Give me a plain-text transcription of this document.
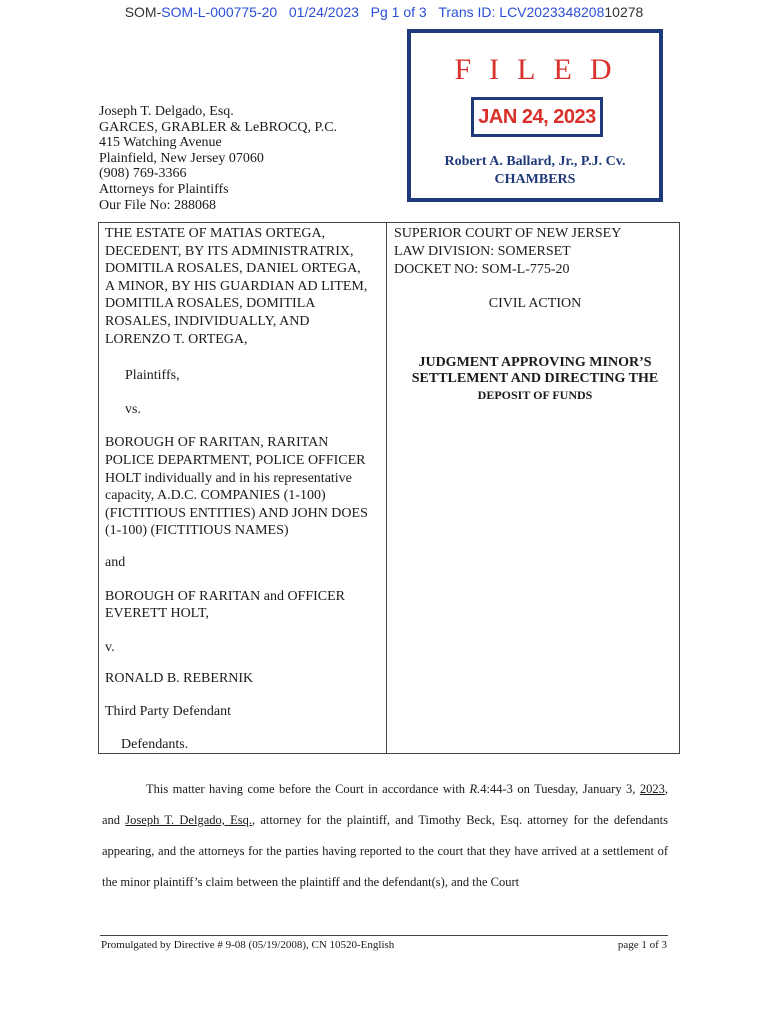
SOM-SOM-L-000775-20 01/24/2023 Pg 1 of 3 Trans ID: LCV202334820810278
FILED
JAN 24, 2023
Robert A. Ballard, Jr., P.J. Cv.
CHAMBERS
Joseph T. Delgado, Esq.
GARCES, GRABLER & LeBROCQ, P.C.
415 Watching Avenue
Plainfield, New Jersey 07060
(908) 769-3366
Attorneys for Plaintiffs
Our File No: 288068
THE ESTATE OF MATIAS ORTEGA,
DECEDENT, BY ITS ADMINISTRATRIX,
DOMITILA ROSALES, DANIEL ORTEGA,
A MINOR, BY HIS GUARDIAN AD LITEM,
DOMITILA ROSALES, DOMITILA
ROSALES, INDIVIDUALLY, AND
LORENZO T. ORTEGA,
Plaintiffs,
vs.
BOROUGH OF RARITAN, RARITAN
POLICE DEPARTMENT, POLICE OFFICER
HOLT individually and in his representative
capacity, A.D.C. COMPANIES (1-100)
(FICTITIOUS ENTITIES) AND JOHN DOES
(1-100) (FICTITIOUS NAMES)
and
BOROUGH OF RARITAN and OFFICER
EVERETT HOLT,
v.
RONALD B. REBERNIK
Third Party Defendant
Defendants.
SUPERIOR COURT OF NEW JERSEY
LAW DIVISION: SOMERSET
DOCKET NO: SOM-L-775-20
CIVIL ACTION
JUDGMENT APPROVING MINOR’S
SETTLEMENT AND DIRECTING THE
DEPOSIT OF FUNDS
This matter having come before the Court in accordance with R.4:44-3 on Tuesday, January 3, 2023, and Joseph T. Delgado, Esq., attorney for the plaintiff, and Timothy Beck, Esq. attorney for the defendants appearing, and the attorneys for the parties having reported to the court that they have arrived at a settlement of the minor plaintiff’s claim between the plaintiff and the defendant(s), and the Court
Promulgated by Directive # 9-08 (05/19/2008), CN 10520-English	page 1 of 3
